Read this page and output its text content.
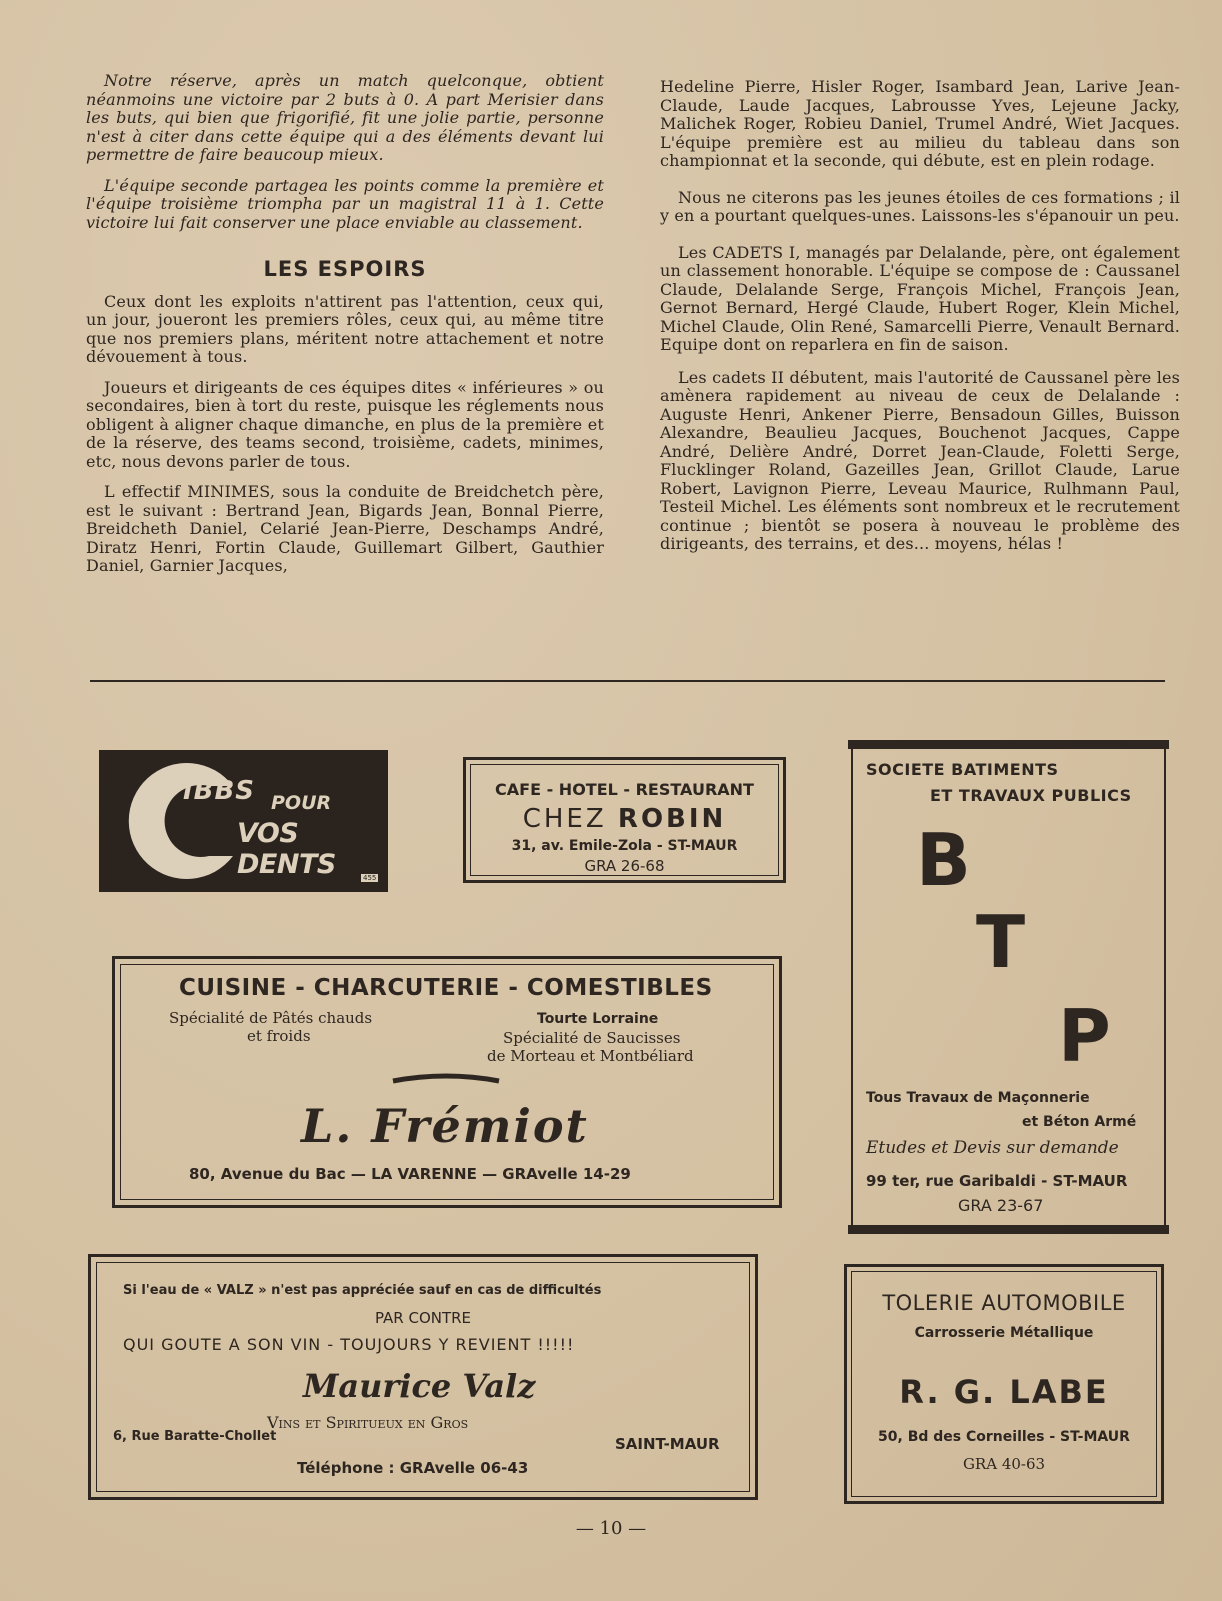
Notre réserve, après un match quelconque, obtient néanmoins une victoire par 2 buts à 0. A part Merisier dans les buts, qui bien que frigorifié, fit une jolie partie, personne n'est à citer dans cette équipe qui a des éléments devant lui permettre de faire beaucoup mieux.

L'équipe seconde partagea les points comme la première et l'équipe troisième triompha par un magistral 11 à 1. Cette victoire lui fait conserver une place enviable au classement.

LES ESPOIRS

Ceux dont les exploits n'attirent pas l'attention, ceux qui, un jour, joueront les premiers rôles, ceux qui, au même titre que nos premiers plans, méritent notre attachement et notre dévouement à tous.

Joueurs et dirigeants de ces équipes dites « inférieures » ou secondaires, bien à tort du reste, puisque les réglements nous obligent à aligner chaque dimanche, en plus de la première et de la réserve, des teams second, troisième, cadets, minimes, etc, nous devons parler de tous.

L effectif MINIMES, sous la conduite de Breidchetch père, est le suivant : Bertrand Jean, Bigards Jean, Bonnal Pierre, Breidcheth Daniel, Celarié Jean-Pierre, Deschamps André, Diratz Henri, Fortin Claude, Guillemart Gilbert, Gauthier Daniel, Garnier Jacques,

Hedeline Pierre, Hisler Roger, Isambard Jean, Larive Jean-Claude, Laude Jacques, Labrousse Yves, Lejeune Jacky, Malichek Roger, Robieu Daniel, Trumel André, Wiet Jacques. L'équipe première est au milieu du tableau dans son championnat et la seconde, qui débute, est en plein rodage.

Nous ne citerons pas les jeunes étoiles de ces formations ; il y en a pourtant quelques-unes. Laissons-les s'épanouir un peu.

Les CADETS I, managés par Delalande, père, ont également un classement honorable. L'équipe se compose de : Caussanel Claude, Delalande Serge, François Michel, François Jean, Gernot Bernard, Hergé Claude, Hubert Roger, Klein Michel, Michel Claude, Olin René, Samarcelli Pierre, Venault Bernard. Equipe dont on reparlera en fin de saison.

Les cadets II débutent, mais l'autorité de Caussanel père les amènera rapidement au niveau de ceux de Delalande : Auguste Henri, Ankener Pierre, Bensadoun Gilles, Buisson Alexandre, Beaulieu Jacques, Bouchenot Jacques, Cappe André, Delière André, Dorret Jean-Claude, Foletti Serge, Flucklinger Roland, Gazeilles Jean, Grillot Claude, Larue Robert, Lavignon Pierre, Leveau Maurice, Rulhmann Paul, Testeil Michel. Les éléments sont nombreux et le recrutement continue ; bientôt se posera à nouveau le problème des dirigeants, des terrains, et des... moyens, hélas !

IBBS POUR
VOS DENTS	455
CAFE - HOTEL - RESTAURANT
CHEZ ROBIN
31, av. Emile-Zola - ST-MAUR
GRA 26-68
SOCIETE BATIMENTS
ET TRAVAUX PUBLICS
B
T
P
Tous Travaux de Maçonnerie
et Béton Armé
Etudes et Devis sur demande
99 ter, rue Garibaldi - ST-MAUR
GRA 23-67
CUISINE - CHARCUTERIE - COMESTIBLES
Spécialité de Pâtés chauds
et froids
Tourte Lorraine
Spécialité de Saucisses
de Morteau et Montbéliard
L. Frémiot
80, Avenue du Bac — LA VARENNE — GRAvelle 14-29
Si l'eau de « VALZ » n'est pas appréciée sauf en cas de difficultés
PAR CONTRE
QUI GOUTE A SON VIN - TOUJOURS Y REVIENT !!!!!
Maurice Valz
Vins et Spiritueux en Gros
6, Rue Baratte-Chollet	SAINT-MAUR
Téléphone : GRAvelle 06-43
TOLERIE AUTOMOBILE
Carrosserie Métallique
R. G. LABE
50, Bd des Corneilles - ST-MAUR
GRA 40-63
— 10 —
